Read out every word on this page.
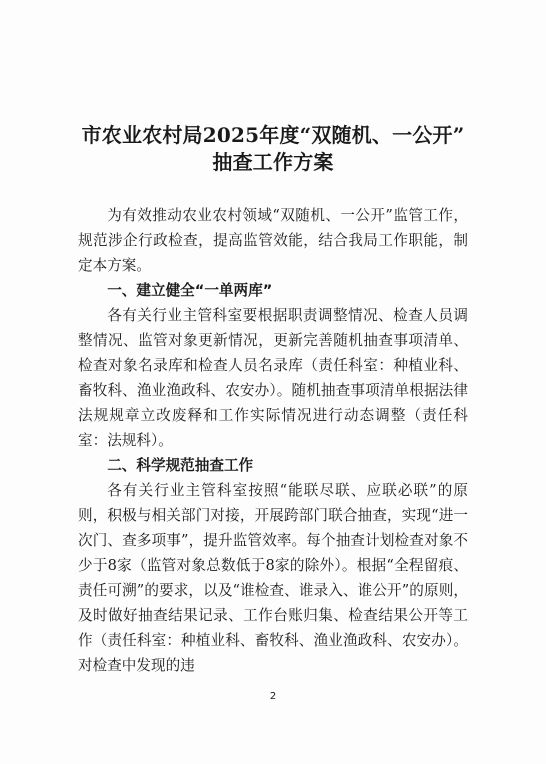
市农业农村局2025年度“双随机、一公开”
抽查工作方案

为有效推动农业农村领域“双随机、一公开”监管工作，规范涉企行政检查，提高监管效能，结合我局工作职能，制定本方案。

一、建立健全“一单两库”

各有关行业主管科室要根据职责调整情况、检查人员调整情况、监管对象更新情况，更新完善随机抽查事项清单、检查对象名录库和检查人员名录库（责任科室：种植业科、畜牧科、渔业渔政科、农安办）。随机抽查事项清单根据法律法规规章立改废释和工作实际情况进行动态调整（责任科室：法规科）。

二、科学规范抽查工作

各有关行业主管科室按照“能联尽联、应联必联”的原则，积极与相关部门对接，开展跨部门联合抽查，实现“进一次门、查多项事”，提升监管效率。每个抽查计划检查对象不少于8家（监管对象总数低于8家的除外）。根据“全程留痕、责任可溯”的要求，以及“谁检查、谁录入、谁公开”的原则，及时做好抽查结果记录、工作台账归集、检查结果公开等工作（责任科室：种植业科、畜牧科、渔业渔政科、农安办）。对检查中发现的违

2
